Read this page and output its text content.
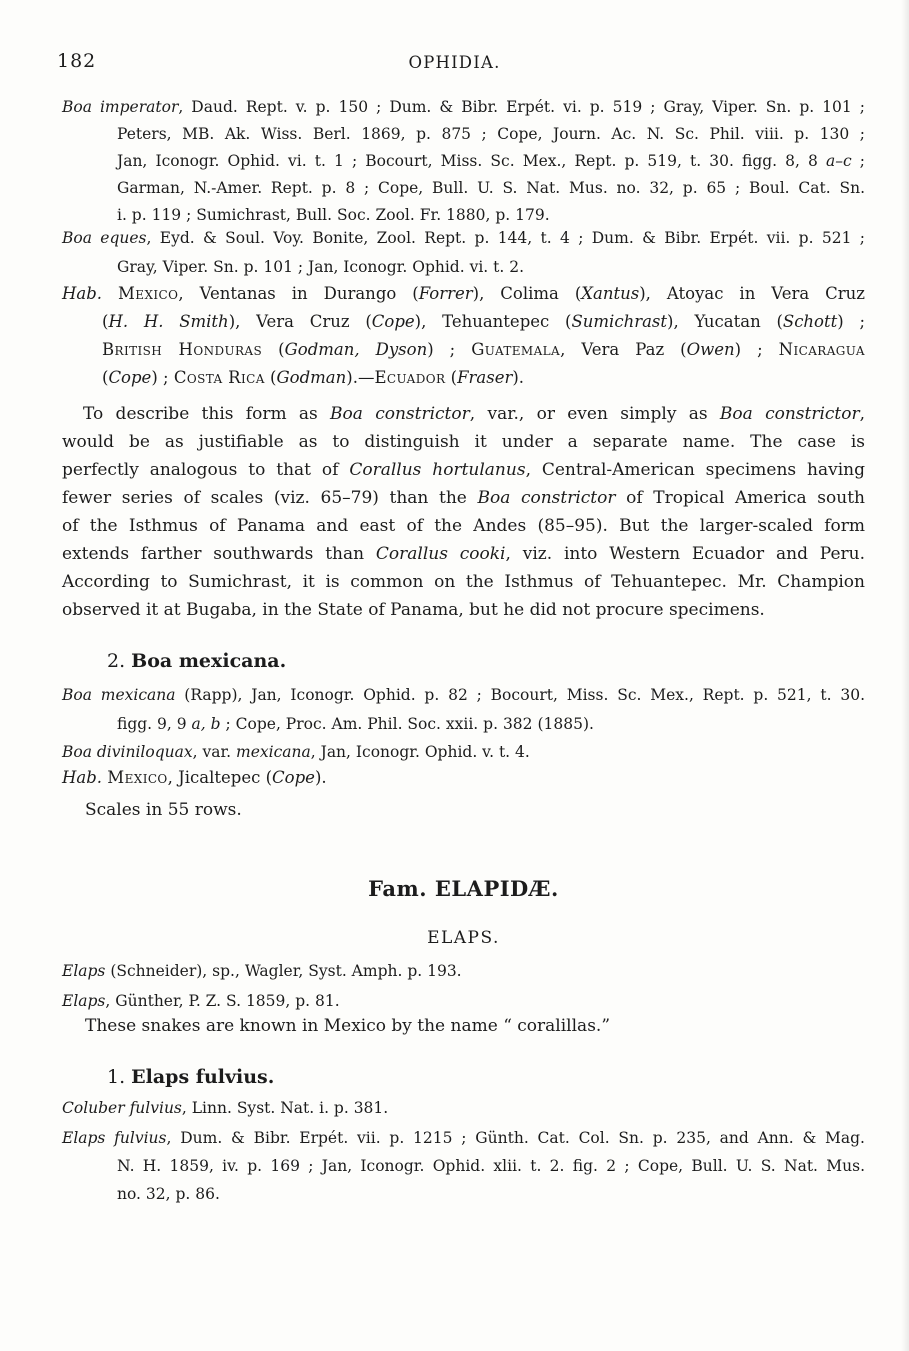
182	OPHIDIA.
Boa imperator, Daud. Rept. v. p. 150 ; Dum. & Bibr. Erpét. vi. p. 519 ; Gray, Viper. Sn. p. 101 ;
Peters, MB. Ak. Wiss. Berl. 1869, p. 875 ; Cope, Journ. Ac. N. Sc. Phil. viii. p. 130 ;
Jan, Iconogr. Ophid. vi. t. 1 ; Bocourt, Miss. Sc. Mex., Rept. p. 519, t. 30. figg. 8, 8 a–c ;
Garman, N.-Amer. Rept. p. 8 ; Cope, Bull. U. S. Nat. Mus. no. 32, p. 65 ; Boul. Cat. Sn.
i. p. 119 ; Sumichrast, Bull. Soc. Zool. Fr. 1880, p. 179.
Boa eques, Eyd. & Soul. Voy. Bonite, Zool. Rept. p. 144, t. 4 ; Dum. & Bibr. Erpét. vii. p. 521 ;
Gray, Viper. Sn. p. 101 ; Jan, Iconogr. Ophid. vi. t. 2.
Hab. Mexico, Ventanas in Durango (Forrer), Colima (Xantus), Atoyac in Vera Cruz
(H. H. Smith), Vera Cruz (Cope), Tehuantepec (Sumichrast), Yucatan (Schott) ;
British Honduras (Godman, Dyson) ; Guatemala, Vera Paz (Owen) ; Nicaragua
(Cope) ; Costa Rica (Godman).—Ecuador (Fraser).
To describe this form as Boa constrictor, var., or even simply as Boa constrictor,
would be as justifiable as to distinguish it under a separate name. The case is
perfectly analogous to that of Corallus hortulanus, Central-American specimens having
fewer series of scales (viz. 65–79) than the Boa constrictor of Tropical America south
of the Isthmus of Panama and east of the Andes (85–95). But the larger-scaled form
extends farther southwards than Corallus cooki, viz. into Western Ecuador and Peru.
According to Sumichrast, it is common on the Isthmus of Tehuantepec. Mr. Champion
observed it at Bugaba, in the State of Panama, but he did not procure specimens.
2. Boa mexicana.
Boa mexicana (Rapp), Jan, Iconogr. Ophid. p. 82 ; Bocourt, Miss. Sc. Mex., Rept. p. 521, t. 30.
figg. 9, 9 a, b ; Cope, Proc. Am. Phil. Soc. xxii. p. 382 (1885).
Boa diviniloquax, var. mexicana, Jan, Iconogr. Ophid. v. t. 4.
Hab. Mexico, Jicaltepec (Cope).
Scales in 55 rows.
Fam. ELAPIDÆ.
ELAPS.
Elaps (Schneider), sp., Wagler, Syst. Amph. p. 193.
Elaps, Günther, P. Z. S. 1859, p. 81.
These snakes are known in Mexico by the name “ coralillas.”
1. Elaps fulvius.
Coluber fulvius, Linn. Syst. Nat. i. p. 381.
Elaps fulvius, Dum. & Bibr. Erpét. vii. p. 1215 ; Günth. Cat. Col. Sn. p. 235, and Ann. & Mag.
N. H. 1859, iv. p. 169 ; Jan, Iconogr. Ophid. xlii. t. 2. fig. 2 ; Cope, Bull. U. S. Nat. Mus.
no. 32, p. 86.
